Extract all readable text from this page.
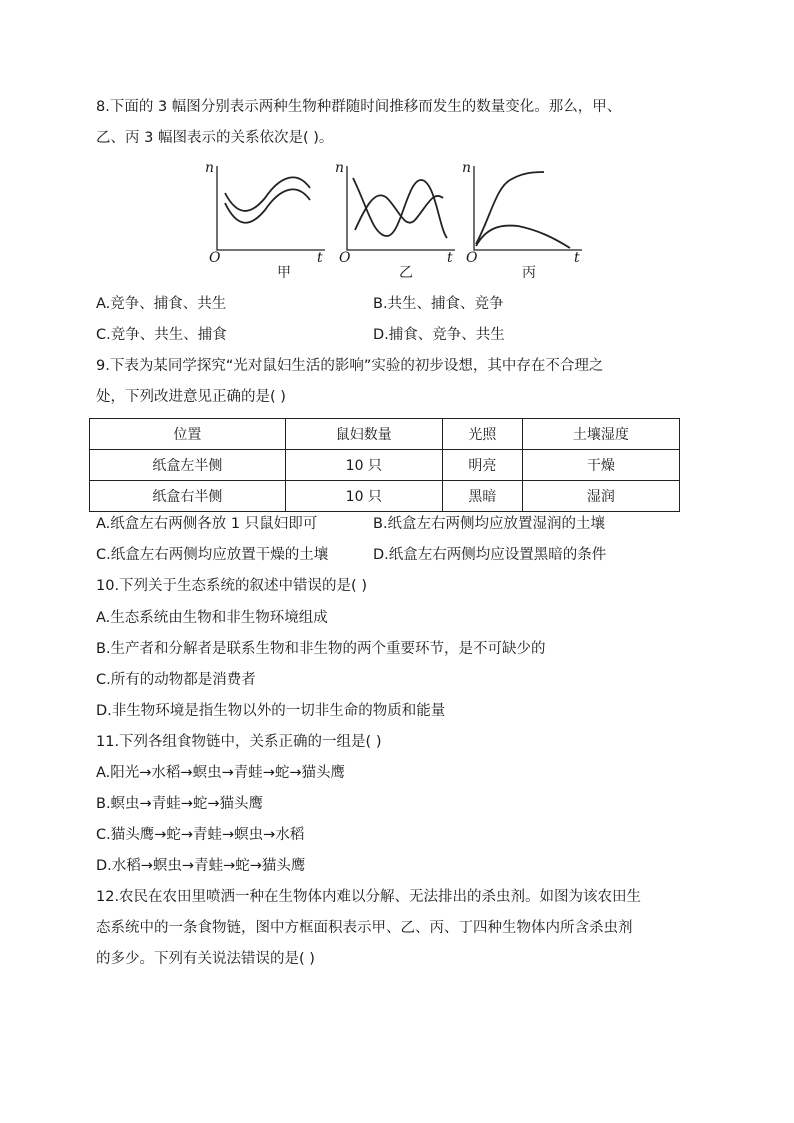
8.下面的 3 幅图分别表示两种生物种群随时间推移而发生的数量变化。那么，甲、
乙、丙 3 幅图表示的关系依次是( )。
n
O	t
甲
n
O	t
乙
n
O	t
丙
A.竞争、捕食、共生	B.共生、捕食、竞争
C.竞争、共生、捕食	D.捕食、竞争、共生
9.下表为某同学探究“光对鼠妇生活的影响”实验的初步设想，其中存在不合理之
处，下列改进意见正确的是( )
位置	鼠妇数量	光照	土壤湿度
纸盒左半侧	10 只	明亮	干燥
纸盒右半侧	10 只	黑暗	湿润
A.纸盒左右两侧各放 1 只鼠妇即可	B.纸盒左右两侧均应放置湿润的土壤
C.纸盒左右两侧均应放置干燥的土壤	D.纸盒左右两侧均应设置黑暗的条件
10.下列关于生态系统的叙述中错误的是( )
A.生态系统由生物和非生物环境组成
B.生产者和分解者是联系生物和非生物的两个重要环节，是不可缺少的
C.所有的动物都是消费者
D.非生物环境是指生物以外的一切非生命的物质和能量
11.下列各组食物链中，关系正确的一组是( )
A.阳光→水稻→螟虫→青蛙→蛇→猫头鹰
B.螟虫→青蛙→蛇→猫头鹰
C.猫头鹰→蛇→青蛙→螟虫→水稻
D.水稻→螟虫→青蛙→蛇→猫头鹰
12.农民在农田里喷洒一种在生物体内难以分解、无法排出的杀虫剂。如图为该农田生
态系统中的一条食物链，图中方框面积表示甲、乙、丙、丁四种生物体内所含杀虫剂
的多少。下列有关说法错误的是( )
